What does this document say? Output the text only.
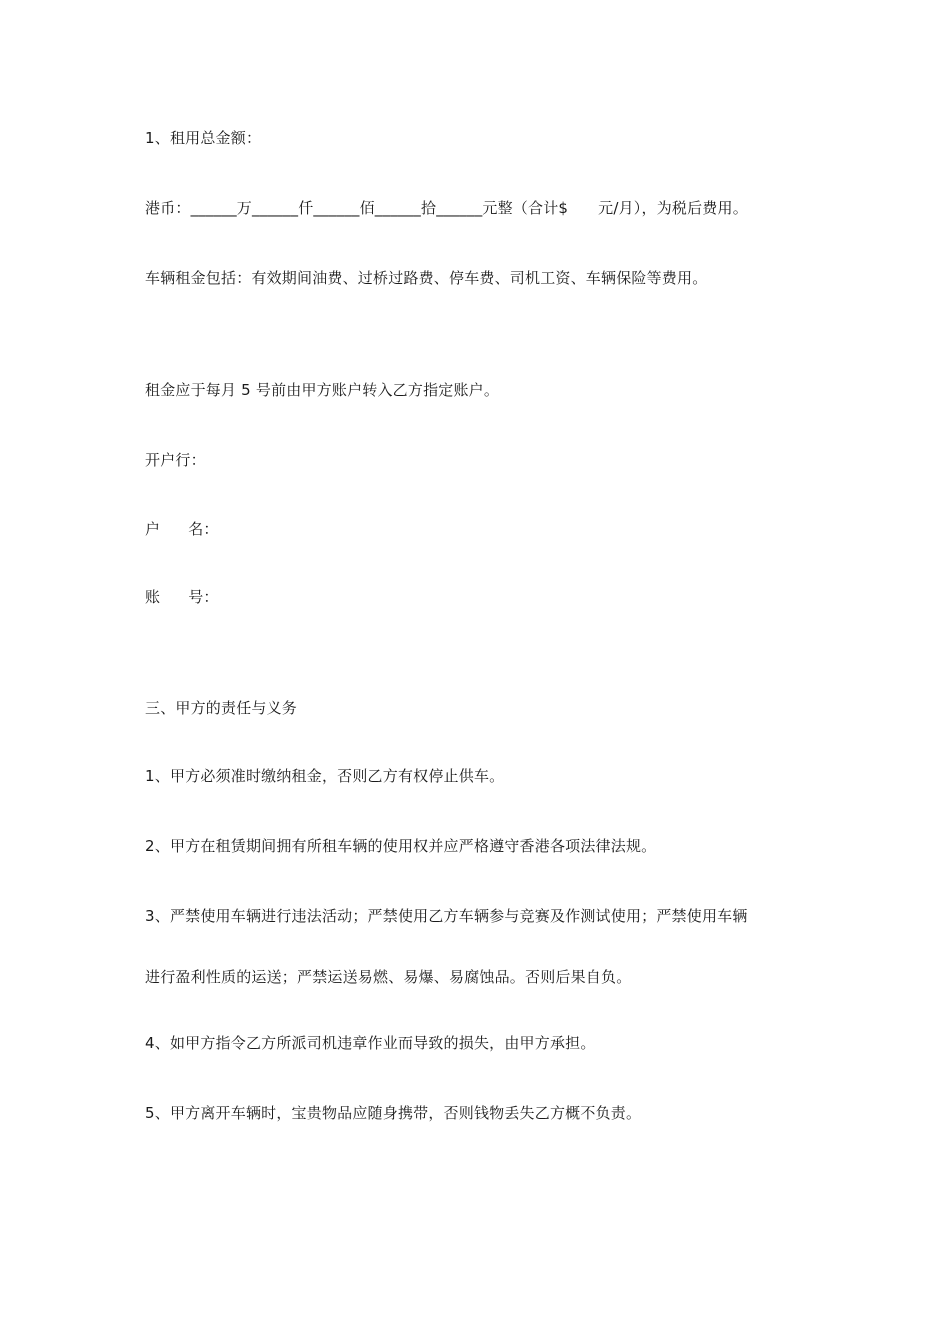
1、租用总金额：
港币：______万______仟______佰______拾______元整（合计$ 元/月），为税后费用。
车辆租金包括：有效期间油费、过桥过路费、停车费、司机工资、车辆保险等费用。
租金应于每月 5 号前由甲方账户转入乙方指定账户。
开户行：
户 名：
账 号：
三、甲方的责任与义务
1、甲方必须准时缴纳租金，否则乙方有权停止供车。
2、甲方在租赁期间拥有所租车辆的使用权并应严格遵守香港各项法律法规。
3、严禁使用车辆进行违法活动；严禁使用乙方车辆参与竞赛及作测试使用；严禁使用车辆
进行盈利性质的运送；严禁运送易燃、易爆、易腐蚀品。否则后果自负。
4、如甲方指令乙方所派司机违章作业而导致的损失，由甲方承担。
5、甲方离开车辆时，宝贵物品应随身携带，否则钱物丢失乙方概不负责。
